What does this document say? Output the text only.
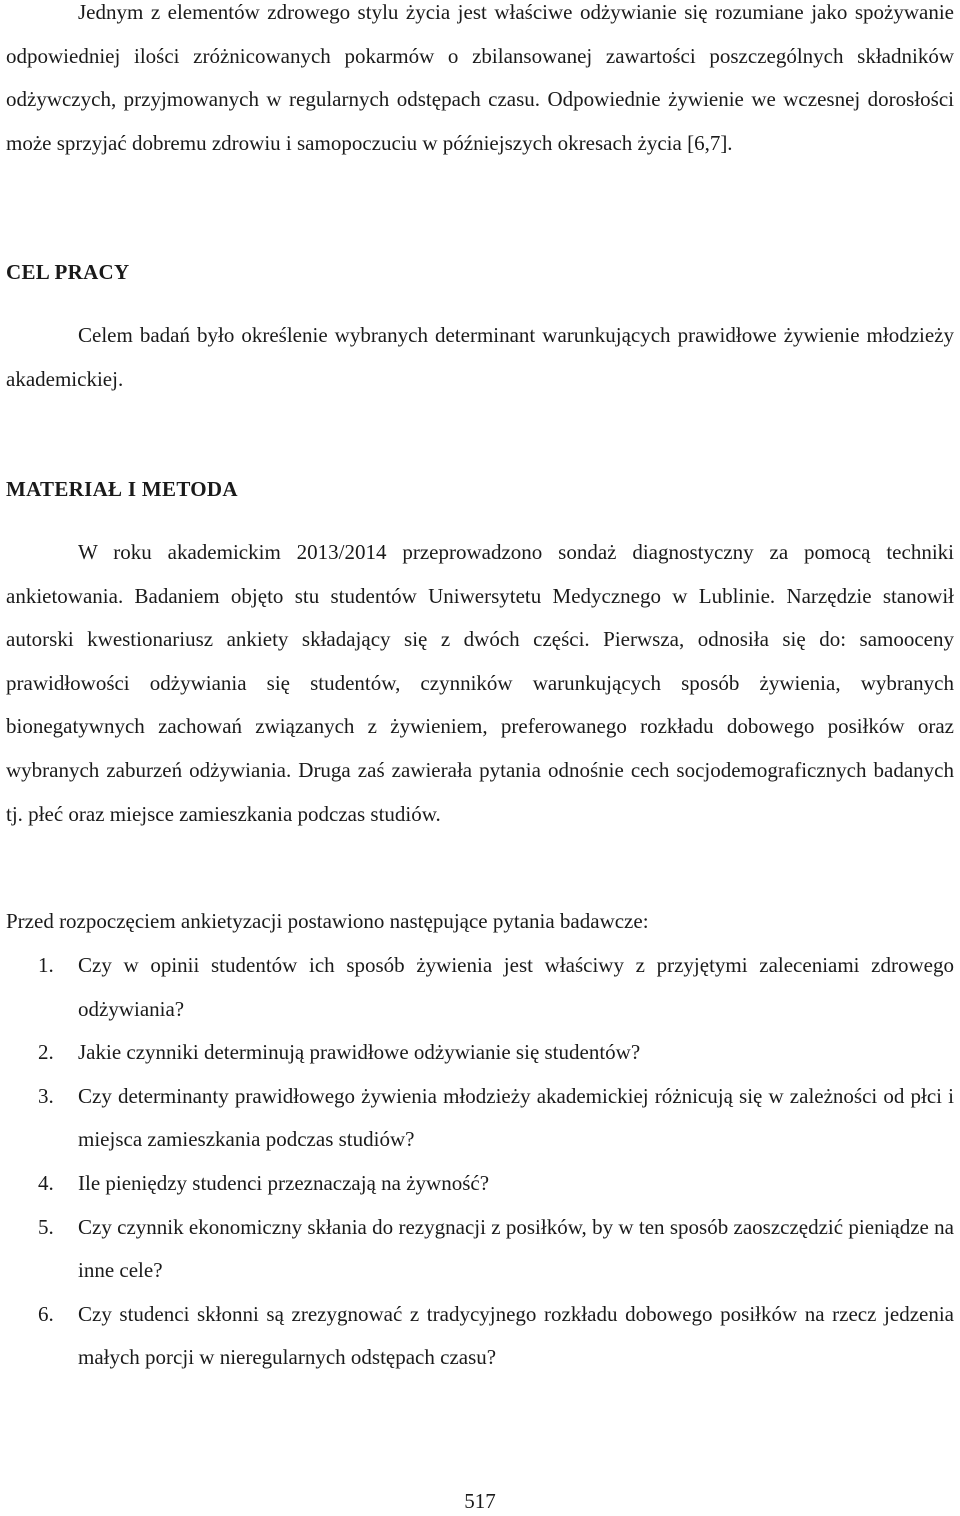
Jednym z elementów zdrowego stylu życia jest właściwe odżywianie się rozumiane jako spożywanie odpowiedniej ilości zróżnicowanych pokarmów o zbilansowanej zawartości poszczególnych składników odżywczych, przyjmowanych w regularnych odstępach czasu. Odpowiednie żywienie we wczesnej dorosłości może sprzyjać dobremu zdrowiu i samopoczuciu w późniejszych okresach życia [6,7].

CEL PRACY

Celem badań było określenie wybranych determinant warunkujących prawidłowe żywienie młodzieży akademickiej.

MATERIAŁ I METODA

W roku akademickim 2013/2014 przeprowadzono sondaż diagnostyczny za pomocą techniki ankietowania. Badaniem objęto stu studentów Uniwersytetu Medycznego w Lublinie. Narzędzie stanowił autorski kwestionariusz ankiety składający się z dwóch części. Pierwsza, odnosiła się do: samooceny prawidłowości odżywiania się studentów, czynników warunkujących sposób żywienia, wybranych bionegatywnych zachowań związanych z żywieniem, preferowanego rozkładu dobowego posiłków oraz wybranych zaburzeń odżywiania. Druga zaś zawierała pytania odnośnie cech socjodemograficznych badanych tj. płeć oraz miejsce zamieszkania podczas studiów.

Przed rozpoczęciem ankietyzacji postawiono następujące pytania badawcze:

1. Czy w opinii studentów ich sposób żywienia jest właściwy z przyjętymi zaleceniami zdrowego odżywiania?
2. Jakie czynniki determinują prawidłowe odżywianie się studentów?
3. Czy determinanty prawidłowego żywienia młodzieży akademickiej różnicują się w zależności od płci i miejsca zamieszkania podczas studiów?
4. Ile pieniędzy studenci przeznaczają na żywność?
5. Czy czynnik ekonomiczny skłania do rezygnacji z posiłków, by w ten sposób zaoszczędzić pieniądze na inne cele?
6. Czy studenci skłonni są zrezygnować z tradycyjnego rozkładu dobowego posiłków na rzecz jedzenia małych porcji w nieregularnych odstępach czasu?

517
